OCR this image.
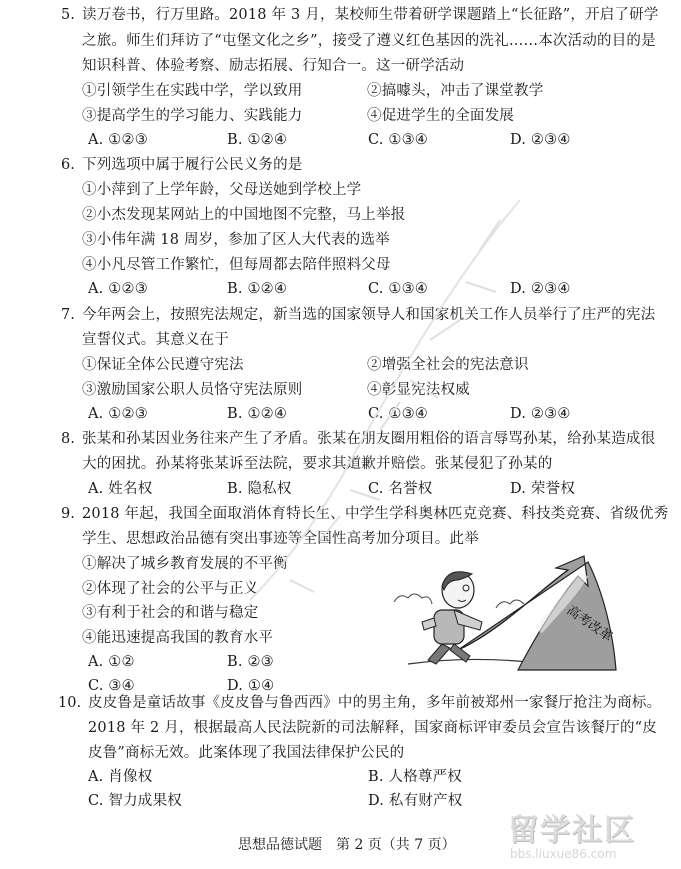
5. 读万卷书，行万里路。2018 年 3 月，某校师生带着研学课题踏上“长征路”，开启了研学
之旅。师生们拜访了“屯堡文化之乡”，接受了遵义红色基因的洗礼……本次活动的目的是
知识科普、体验考察、励志拓展、行知合一。这一研学活动
①引领学生在实践中学，学以致用	②搞噱头，冲击了课堂教学
③提高学生的学习能力、实践能力	④促进学生的全面发展
A. ①②③	B. ①②④	C. ①③④	D. ②③④
6. 下列选项中属于履行公民义务的是
①小萍到了上学年龄，父母送她到学校上学
②小杰发现某网站上的中国地图不完整，马上举报
③小伟年满 18 周岁，参加了区人大代表的选举
④小凡尽管工作繁忙，但每周都去陪伴照料父母
A. ①②③	B. ①②④	C. ①③④	D. ②③④
7. 今年两会上，按照宪法规定，新当选的国家领导人和国家机关工作人员举行了庄严的宪法
宣誓仪式。其意义在于
①保证全体公民遵守宪法	②增强全社会的宪法意识
③激励国家公职人员恪守宪法原则	④彰显宪法权威
A. ①②③	B. ①②④	C. ①③④	D. ②③④
8. 张某和孙某因业务往来产生了矛盾。张某在朋友圈用粗俗的语言辱骂孙某，给孙某造成很
大的困扰。孙某将张某诉至法院，要求其道歉并赔偿。张某侵犯了孙某的
A. 姓名权	B. 隐私权	C. 名誉权	D. 荣誉权
9. 2018 年起，我国全面取消体育特长生、中学生学科奥林匹克竞赛、科技类竞赛、省级优秀
学生、思想政治品德有突出事迹等全国性高考加分项目。此举
①解决了城乡教育发展的不平衡
②体现了社会的公平与正义
③有利于社会的和谐与稳定
④能迅速提高我国的教育水平
A. ①②	B. ②③
C. ③④	D. ①④
高考改革
10. 皮皮鲁是童话故事《皮皮鲁与鲁西西》中的男主角，多年前被郑州一家餐厅抢注为商标。
2018 年 2 月，根据最高人民法院新的司法解释，国家商标评审委员会宣告该餐厅的“皮
皮鲁”商标无效。此案体现了我国法律保护公民的
A. 肖像权	B. 人格尊严权
C. 智力成果权	D. 私有财产权
思想品德试题　第 2 页（共 7 页） 留学社区
bbs.liuxue86.com
